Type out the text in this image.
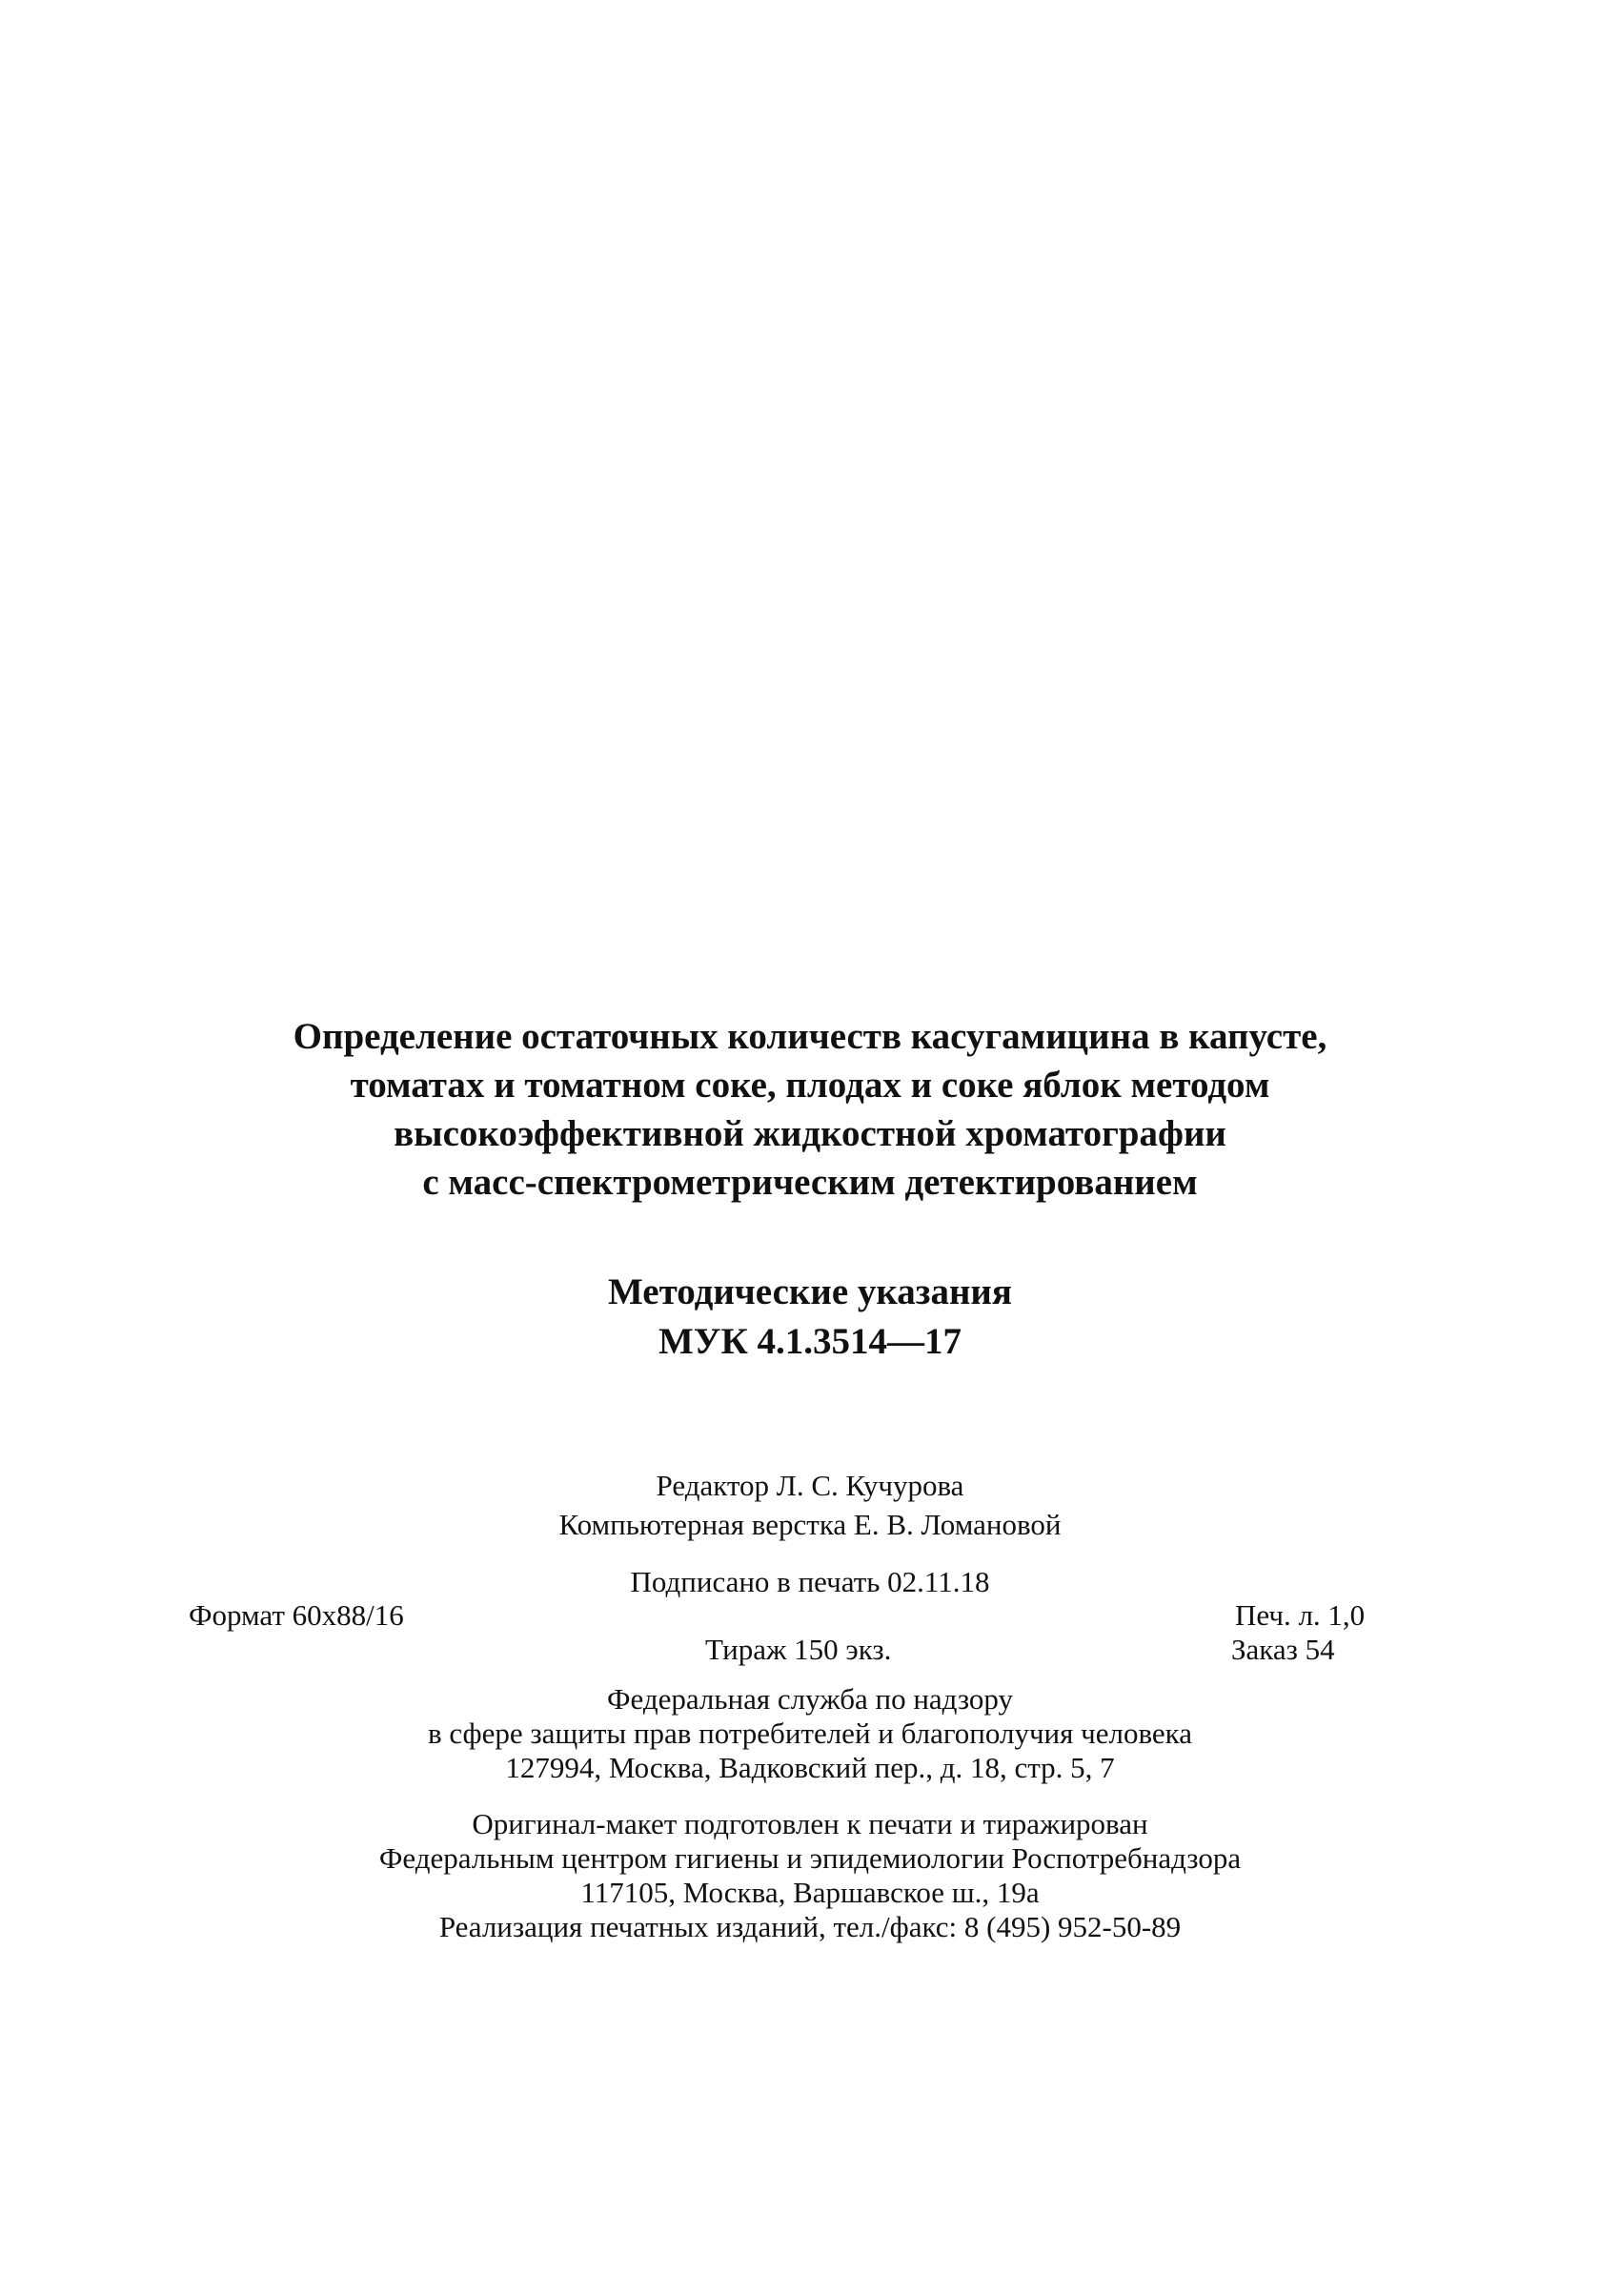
Определение остаточных количеств касугамицина в капусте,
томатах и томатном соке, плодах и соке яблок методом
высокоэффективной жидкостной хроматографии
с масс-спектрометрическим детектированием
Методические указания
МУК 4.1.3514—17
Редактор Л. С. Кучурова
Компьютерная верстка Е. В. Ломановой
Подписано в печать 02.11.18
Формат 60x88/16	Печ. л. 1,0
Тираж 150 экз.	Заказ 54
Федеральная служба по надзору
в сфере защиты прав потребителей и благополучия человека
127994, Москва, Вадковский пер., д. 18, стр. 5, 7
Оригинал-макет подготовлен к печати и тиражирован
Федеральным центром гигиены и эпидемиологии Роспотребнадзора
117105, Москва, Варшавское ш., 19а
Реализация печатных изданий, тел./факс: 8 (495) 952-50-89
